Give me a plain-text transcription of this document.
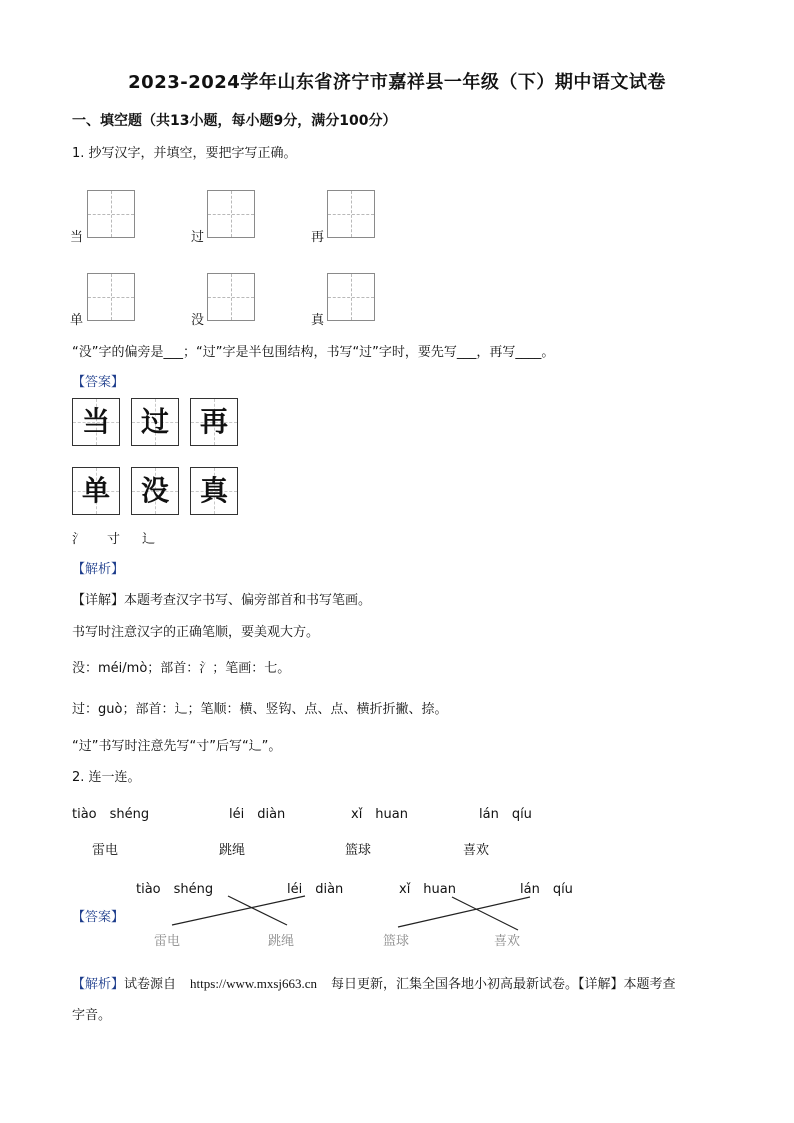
2023-2024学年山东省济宁市嘉祥县一年级（下）期中语文试卷
一、填空题（共13小题，每小题9分，满分100分）
1. 抄写汉字，并填空，要把字写正确。
当	过	再
单	没	真
“没”字的偏旁是___；“过”字是半包围结构，书写“过”字时，要先写___，再写____。
【答案】
当	过	再
单	没	真
氵 寸 辶
【解析】
【详解】本题考查汉字书写、偏旁部首和书写笔画。
书写时注意汉字的正确笔顺，要美观大方。
没：méi/mò；部首：氵；笔画：七。
过：guò；部首：辶；笔顺：横、竖钩、点、点、横折折撇、捺。
“过”书写时注意先写“寸”后写“辶”。
2. 连一连。
tiào　shéng	léi　diàn	xǐ　huan	lán　qíu
雷电	跳绳	篮球	喜欢
tiào　shéng	léi　diàn	xǐ　huan	lán　qíu
【答案】
雷电	跳绳	篮球	喜欢
【解析】试卷源自 https://www.mxsj663.cn 每日更新，汇集全国各地小初高最新试卷。【详解】本题考查
字音。
